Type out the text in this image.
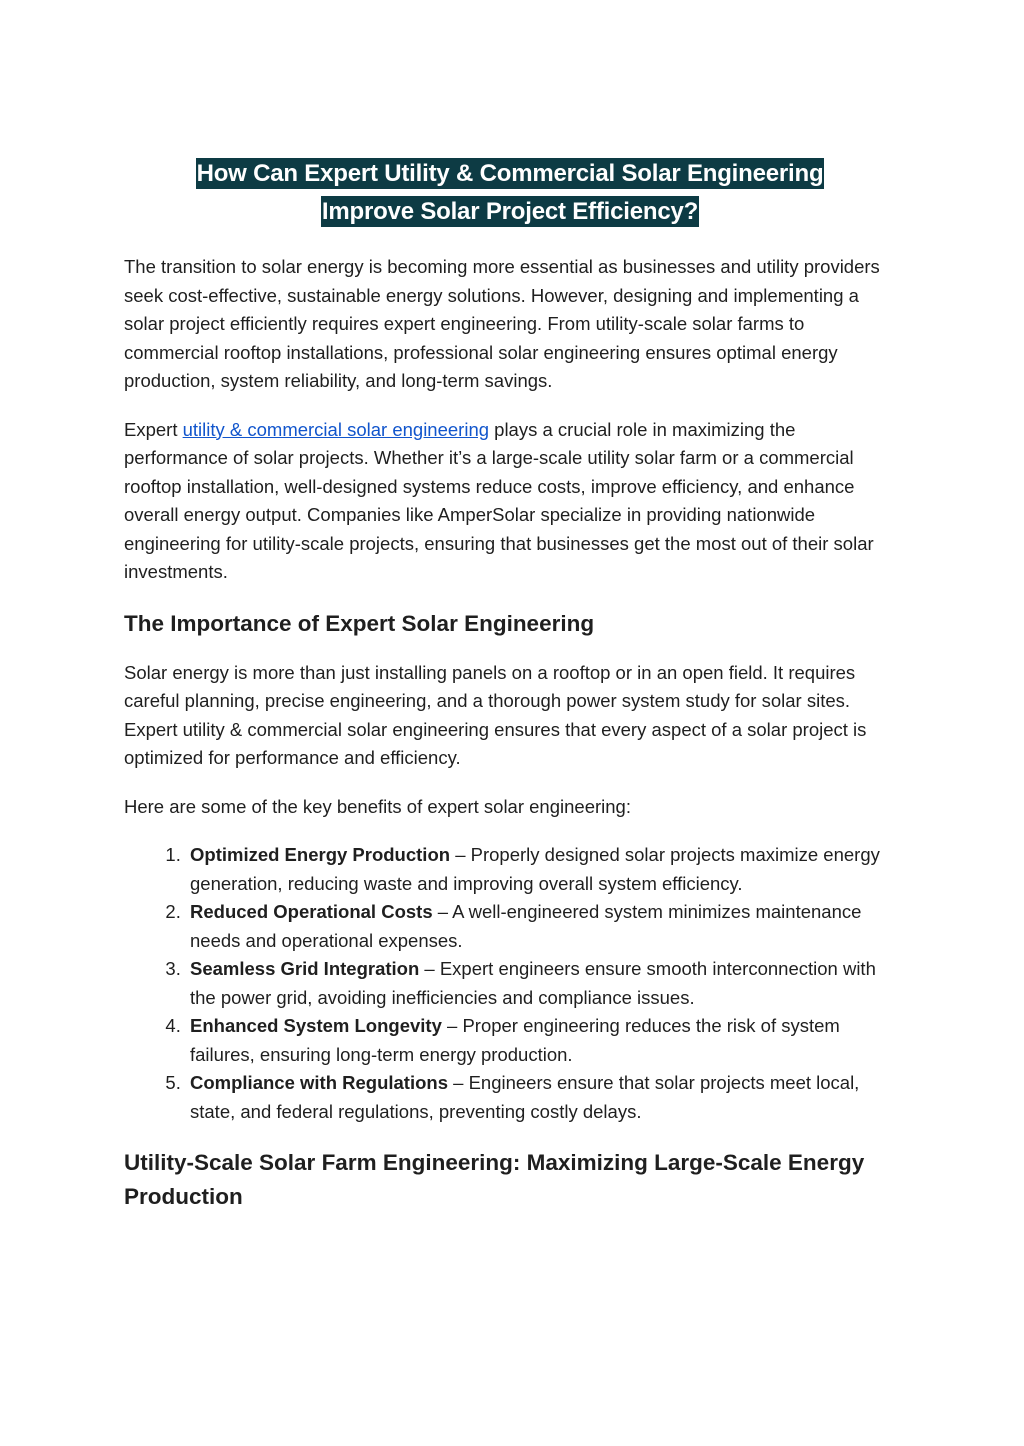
How Can Expert Utility & Commercial Solar Engineering
Improve Solar Project Efficiency?

The transition to solar energy is becoming more essential as businesses and utility providers seek cost-effective, sustainable energy solutions. However, designing and implementing a solar project efficiently requires expert engineering. From utility-scale solar farms to commercial rooftop installations, professional solar engineering ensures optimal energy production, system reliability, and long-term savings.

Expert utility & commercial solar engineering plays a crucial role in maximizing the performance of solar projects. Whether it’s a large-scale utility solar farm or a commercial rooftop installation, well-designed systems reduce costs, improve efficiency, and enhance overall energy output. Companies like AmperSolar specialize in providing nationwide engineering for utility-scale projects, ensuring that businesses get the most out of their solar investments.

The Importance of Expert Solar Engineering

Solar energy is more than just installing panels on a rooftop or in an open field. It requires careful planning, precise engineering, and a thorough power system study for solar sites. Expert utility & commercial solar engineering ensures that every aspect of a solar project is optimized for performance and efficiency.

Here are some of the key benefits of expert solar engineering:

1. Optimized Energy Production – Properly designed solar projects maximize energy generation, reducing waste and improving overall system efficiency.
2. Reduced Operational Costs – A well-engineered system minimizes maintenance needs and operational expenses.
3. Seamless Grid Integration – Expert engineers ensure smooth interconnection with the power grid, avoiding inefficiencies and compliance issues.
4. Enhanced System Longevity – Proper engineering reduces the risk of system failures, ensuring long-term energy production.
5. Compliance with Regulations – Engineers ensure that solar projects meet local, state, and federal regulations, preventing costly delays.
Utility-Scale Solar Farm Engineering: Maximizing Large-Scale Energy Production
